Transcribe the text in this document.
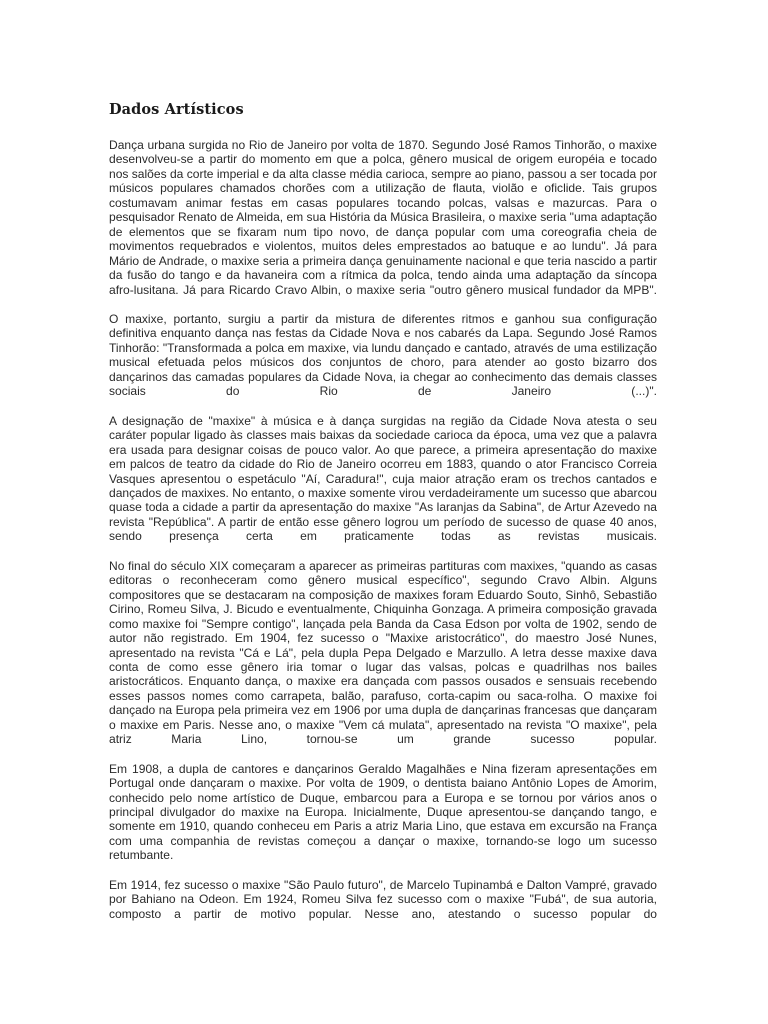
Dados Artísticos

Dança urbana surgida no Rio de Janeiro por volta de 1870. Segundo José Ramos Tinhorão, o maxixe desenvolveu-se a partir do momento em que a polca, gênero musical de origem européia e tocado nos salões da corte imperial e da alta classe média carioca, sempre ao piano, passou a ser tocada por músicos populares chamados chorões com a utilização de flauta, violão e oficlide. Tais grupos costumavam animar festas em casas populares tocando polcas, valsas e mazurcas. Para o pesquisador Renato de Almeida, em sua História da Música Brasileira, o maxixe seria "uma adaptação de elementos que se fixaram num tipo novo, de dança popular com uma coreografia cheia de movimentos requebrados e violentos, muitos deles emprestados ao batuque e ao lundu". Já para Mário de Andrade, o maxixe seria a primeira dança genuinamente nacional e que teria nascido a partir da fusão do tango e da havaneira com a rítmica da polca, tendo ainda uma adaptação da síncopa afro-lusitana. Já para Ricardo Cravo Albin, o maxixe seria "outro gênero musical fundador da MPB".

O maxixe, portanto, surgiu a partir da mistura de diferentes ritmos e ganhou sua configuração definitiva enquanto dança nas festas da Cidade Nova e nos cabarés da Lapa. Segundo José Ramos Tinhorão: "Transformada a polca em maxixe, via lundu dançado e cantado, através de uma estilização musical efetuada pelos músicos dos conjuntos de choro, para atender ao gosto bizarro dos dançarinos das camadas populares da Cidade Nova, ia chegar ao conhecimento das demais classes sociais do Rio de Janeiro (...)".

A designação de "maxixe" à música e à dança surgidas na região da Cidade Nova atesta o seu caráter popular ligado às classes mais baixas da sociedade carioca da época, uma vez que a palavra era usada para designar coisas de pouco valor. Ao que parece, a primeira apresentação do maxixe em palcos de teatro da cidade do Rio de Janeiro ocorreu em 1883, quando o ator Francisco Correia Vasques apresentou o espetáculo "Aí, Caradura!", cuja maior atração eram os trechos cantados e dançados de maxixes. No entanto, o maxixe somente virou verdadeiramente um sucesso que abarcou quase toda a cidade a partir da apresentação do maxixe "As laranjas da Sabina", de Artur Azevedo na revista "República". A partir de então esse gênero logrou um período de sucesso de quase 40 anos, sendo presença certa em praticamente todas as revistas musicais.

No final do século XIX começaram a aparecer as primeiras partituras com maxixes, "quando as casas editoras o reconheceram como gênero musical específico", segundo Cravo Albin. Alguns compositores que se destacaram na composição de maxixes foram Eduardo Souto, Sinhô, Sebastião Cirino, Romeu Silva, J. Bicudo e eventualmente, Chiquinha Gonzaga. A primeira composição gravada como maxixe foi "Sempre contigo", lançada pela Banda da Casa Edson por volta de 1902, sendo de autor não registrado. Em 1904, fez sucesso o "Maxixe aristocrático", do maestro José Nunes, apresentado na revista "Cá e Lá", pela dupla Pepa Delgado e Marzullo. A letra desse maxixe dava conta de como esse gênero iria tomar o lugar das valsas, polcas e quadrilhas nos bailes aristocráticos. Enquanto dança, o maxixe era dançada com passos ousados e sensuais recebendo esses passos nomes como carrapeta, balão, parafuso, corta-capim ou saca-rolha. O maxixe foi dançado na Europa pela primeira vez em 1906 por uma dupla de dançarinas francesas que dançaram o maxixe em Paris. Nesse ano, o maxixe "Vem cá mulata", apresentado na revista "O maxixe", pela atriz Maria Lino, tornou-se um grande sucesso popular.

Em 1908, a dupla de cantores e dançarinos Geraldo Magalhães e Nina fizeram apresentações em Portugal onde dançaram o maxixe. Por volta de 1909, o dentista baiano Antônio Lopes de Amorim, conhecido pelo nome artístico de Duque, embarcou para a Europa e se tornou por vários anos o principal divulgador do maxixe na Europa. Inicialmente, Duque apresentou-se dançando tango, e somente em 1910, quando conheceu em Paris a atriz Maria Lino, que estava em excursão na França com uma companhia de revistas começou a dançar o maxixe, tornando-se logo um sucesso retumbante.

Em 1914, fez sucesso o maxixe "São Paulo futuro", de Marcelo Tupinambá e Dalton Vampré, gravado por Bahiano na Odeon. Em 1924, Romeu Silva fez sucesso com o maxixe "Fubá", de sua autoria, composto a partir de motivo popular. Nesse ano, atestando o sucesso popular do
